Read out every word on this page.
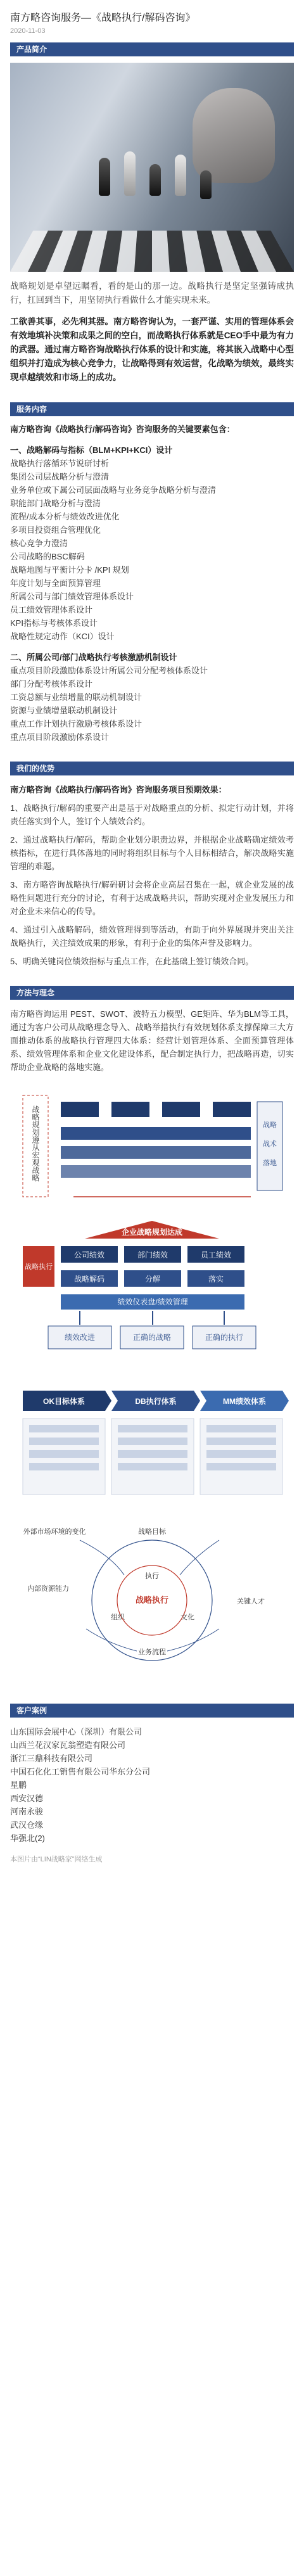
南方略咨询服务—《战略执行/解码咨询》
2020-11-03
产品简介

战略规划是卓望远瞩看，看的是山的那一边。战略执行是坚定坚强铸成执行，扛回到当下，用坚韧执行看做什么才能实现未来。

工欲善其事，必先利其器。南方略咨询认为，一套严谨、实用的管理体系会有效地填补决策和成果之间的空白，而战略执行体系就是CEO手中最为有力的武器。通过南方略咨询战略执行体系的设计和实施，将其嵌入战略中心型组织并打造成为核心竞争力，让战略得到有效运营，化战略为绩效，最终实现卓越绩效和市场上的成功。

服务内容
南方略咨询《战略执行/解码咨询》咨询服务的关键要素包含：
一、战略解码与指标（BLM+KPI+KCI）设计
战略执行落循环节说研讨析
集团公司层战略分析与澄清
业务单位或下属公司层面战略与业务竞争战略分析与澄清
职能部门战略分析与澄清
流程/成本分析与绩效改进优化
多项目投资组合管理优化
核心竞争力澄清
公司战略的BSC解码
战略地图与平衡计分卡 /KPI 规划
年度计划与全面预算管理
所属公司与部门绩效管理体系设计
员工绩效管理体系设计
KPI指标与考核体系设计
战略性规定动作（KCI）设计
二、所属公司/部门战略执行考核激励机制设计
重点项目阶段激励体系设计所属公司分配考核体系设计
部门分配考核体系设计
工资总额与业绩增量的联动机制设计
资源与业绩增量联动机制设计
重点工作计划执行激励考核体系设计
重点项目阶段激励体系设计
我们的优势

南方略咨询《战略执行/解码咨询》咨询服务项目预期效果：

1、战略执行/解码的重要产出是基于对战略重点的分析、拟定行动计划，并将责任落实到个人，签订个人绩效合约。

2、通过战略执行/解码，帮助企业划分职责边界，并根据企业战略确定绩效考核指标，在进行具体落地的同时将组织目标与个人目标相结合，解决战略实施管理的难题。

3、南方略咨询战略执行/解码研讨会将企业高层召集在一起，就企业发展的战略性问题进行充分的讨论，有利于达成战略共识，帮助实现对企业发展压力和对企业未来信心的传导。

4、通过引入战略解码，绩效管理得到等活动，有助于向外界展现并突出关注战略执行，关注绩效成果的形象，有利于企业的集体声誉及影响力。

5、明确关键岗位绩效指标与重点工作，在此基础上签订绩效合同。

方法与理念
南方略咨询运用 PEST、SWOT、波特五力模型、GE矩阵、华为BLM等工具，通过为客户公司从战略理念导入、战略举措执行有效规划体系支撑保障三大方面推动体系的战略执行管理四大体系：经营计划管理体系、全面预算管理体系、绩效管理体系和企业文化建设体系，配合制定执行力，把战略再造，切实帮助企业战略的落地实施。
战略规划
遵从宏观战略
战略
战术
落地
企业战略规划达成
公司绩效	部门绩效	员工绩效
战略解码	分解	落实
战略执行
绩效仪表盘/绩效管理
绩效改进	正确的战略	正确的执行
OK目标体系	DB执行体系	MM绩效体系
战略执行
外部市场环境的变化
内部资源能力
战略目标
执行
组织
业务流程
文化
关键人才
客户案例
山东国际会展中心（深圳）有限公司
山西兰花汉家瓦翁塑造有限公司
浙江三鼎科技有限公司
中国石化化工销售有限公司华东分公司
星鹏
西安汉德
河南永骏
武汉仓缘
华强北(2)
本图片由“LIN战略家”网络生成
